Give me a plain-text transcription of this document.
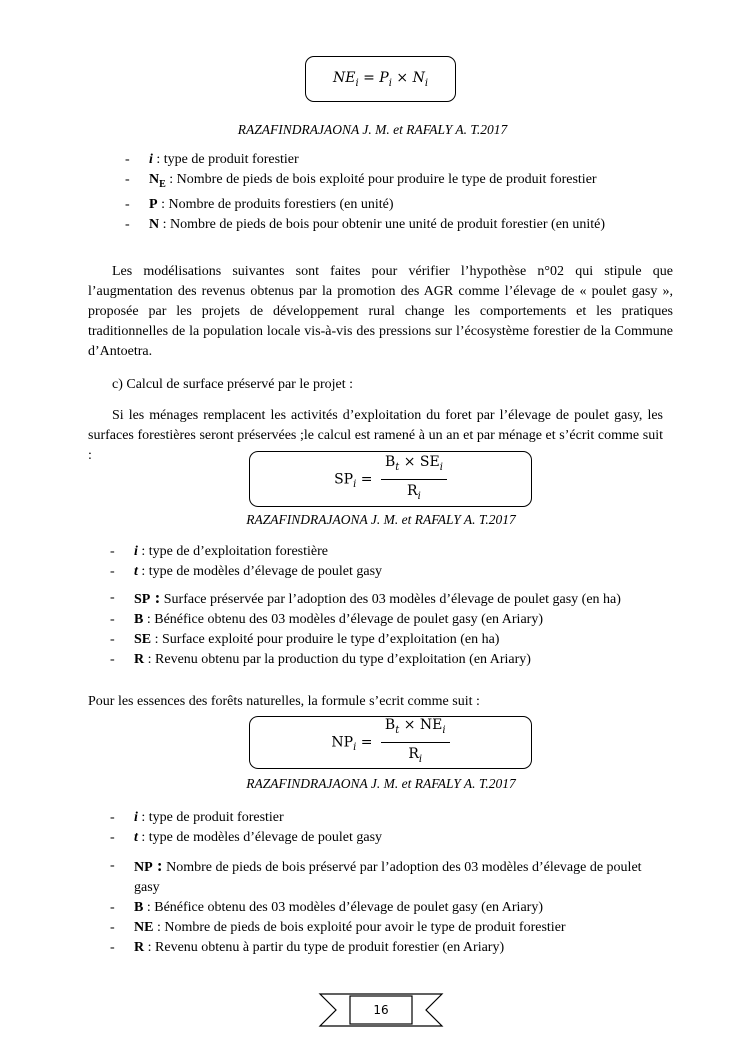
$NE_i = P_i \times N_i$
RAZAFINDRAJAONA J. M. et RAFALY A. T.2017
- i : type de produit forestier
- $N_E$ : Nombre de pieds de bois exploité pour produire le type de produit forestier
- P : Nombre de produits forestiers (en unité)
- N : Nombre de pieds de bois pour obtenir une unité de produit forestier (en unité)
Les modélisations suivantes sont faites pour vérifier l’hypothèse n°02 qui stipule que l’augmentation des revenus obtenus par la promotion des AGR comme l’élevage de « poulet gasy », proposée par les projets de développement rural change les comportements et les pratiques traditionnelles de la population locale vis-à-vis des pressions sur l’écosystème forestier de la Commune d’Antoetra.
c) Calcul de surface préservé par le projet :
Si les ménages remplacent les activités d’exploitation du foret par l’élevage de poulet gasy, les surfaces forestières seront préservées ;le calcul est ramené à un an et par ménage et s’écrit comme suit :
$SP_i = \frac{B_t \times SE_i}{R_i}$
RAZAFINDRAJAONA J. M. et RAFALY A. T.2017
- i : type de d’exploitation forestière
- t : type de modèles d’élevage de poulet gasy
- SP : Surface préservée par l’adoption des 03 modèles d’élevage de poulet gasy (en ha)
- B : Bénéfice obtenu des 03 modèles d’élevage de poulet gasy (en Ariary)
- SE : Surface exploité pour produire le type d’exploitation (en ha)
- R : Revenu obtenu par la production du type d’exploitation (en Ariary)
Pour les essences des forêts naturelles, la formule s’ecrit comme suit :
$NP_i = \frac{B_t \times NE_i}{R_i}$
RAZAFINDRAJAONA J. M. et RAFALY A. T.2017
- i : type de produit forestier
- t : type de modèles d’élevage de poulet gasy
- NP : Nombre de pieds de bois préservé par l’adoption des 03 modèles d’élevage de poulet gasy
- B : Bénéfice obtenu des 03 modèles d’élevage de poulet gasy (en Ariary)
- NE : Nombre de pieds de bois exploité pour avoir le type de produit forestier
- R : Revenu obtenu à partir du type de produit forestier (en Ariary)
16
